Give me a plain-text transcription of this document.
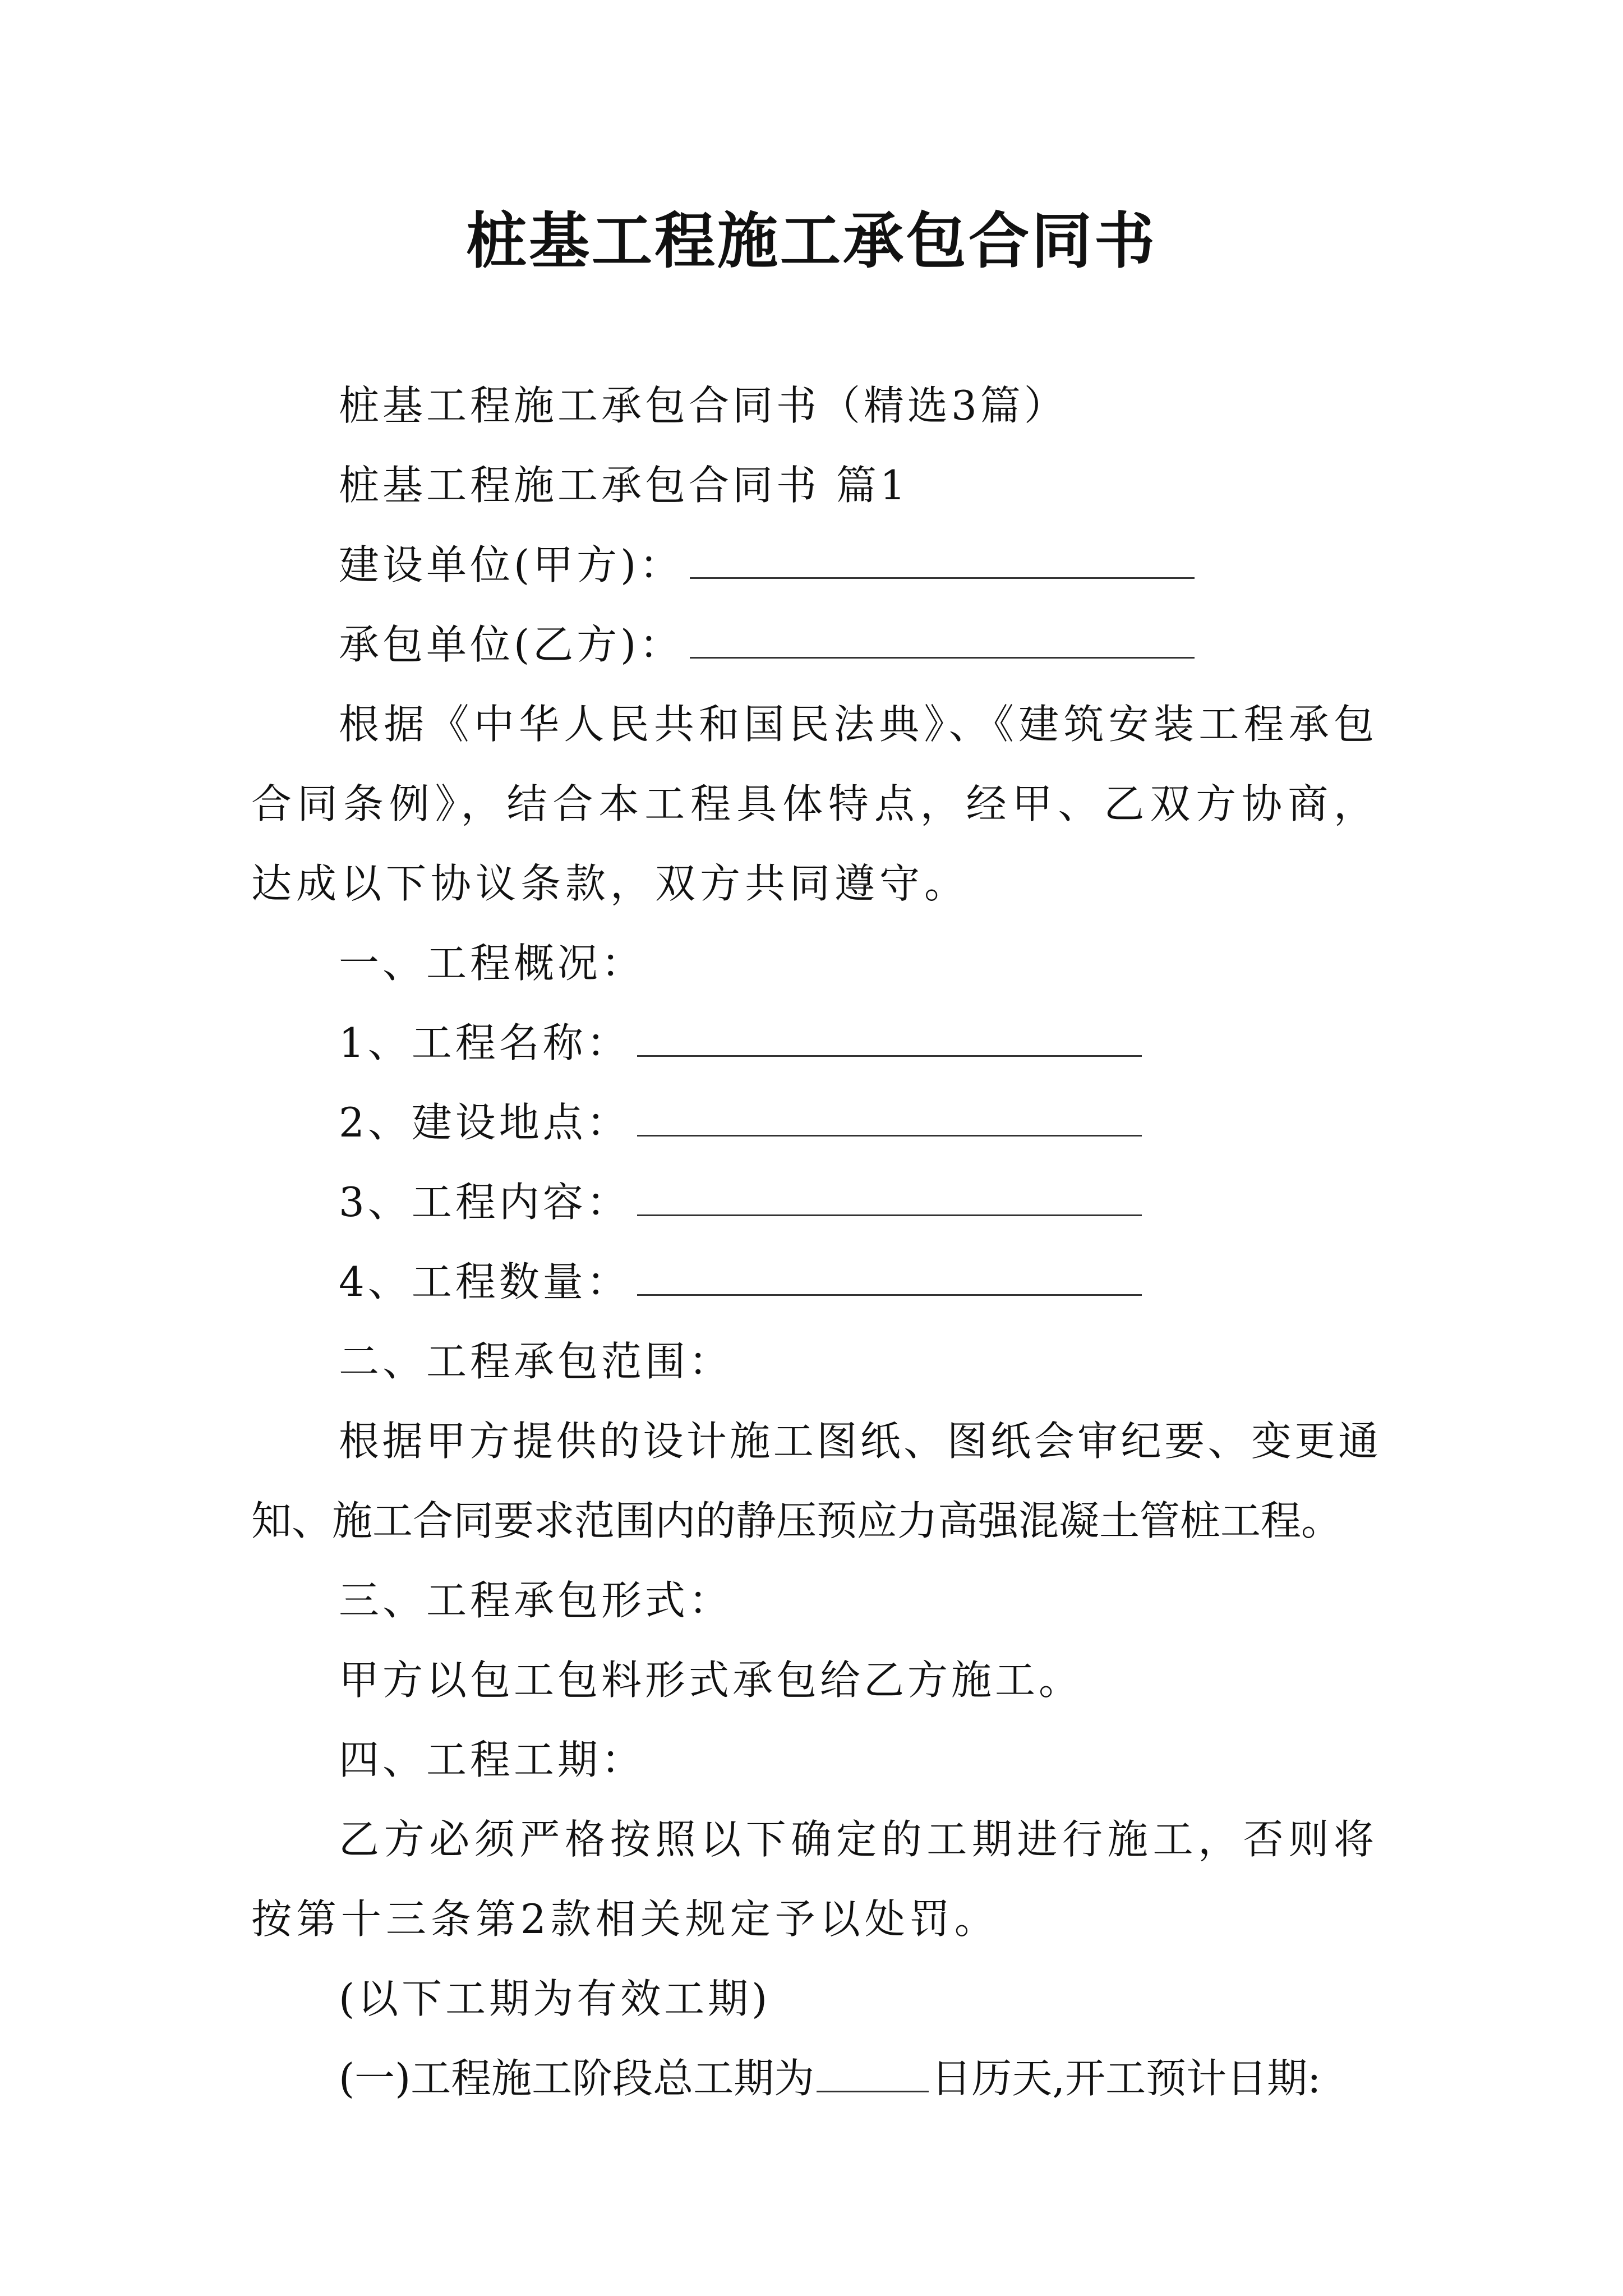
桩基工程施工承包合同书

桩基工程施工承包合同书（精选3篇）

桩基工程施工承包合同书 篇1

建设单位(甲方)：

承包单位(乙方)：

根据《中华人民共和国民法典》、《建筑安装工程承包合同条例》，结合本工程具体特点，经甲、乙双方协商，达成以下协议条款，双方共同遵守。

一、工程概况：

1、工程名称：

2、建设地点：

3、工程内容：

4、工程数量：

二、工程承包范围：

根据甲方提供的设计施工图纸、图纸会审纪要、变更通知、施工合同要求范围内的静压预应力高强混凝土管桩工程。

三、工程承包形式：

甲方以包工包料形式承包给乙方施工。

四、工程工期：

乙方必须严格按照以下确定的工期进行施工，否则将按第十三条第2款相关规定予以处罚。

(以下工期为有效工期)

(一)工程施工阶段总工期为	日历天,开工预计日期:
